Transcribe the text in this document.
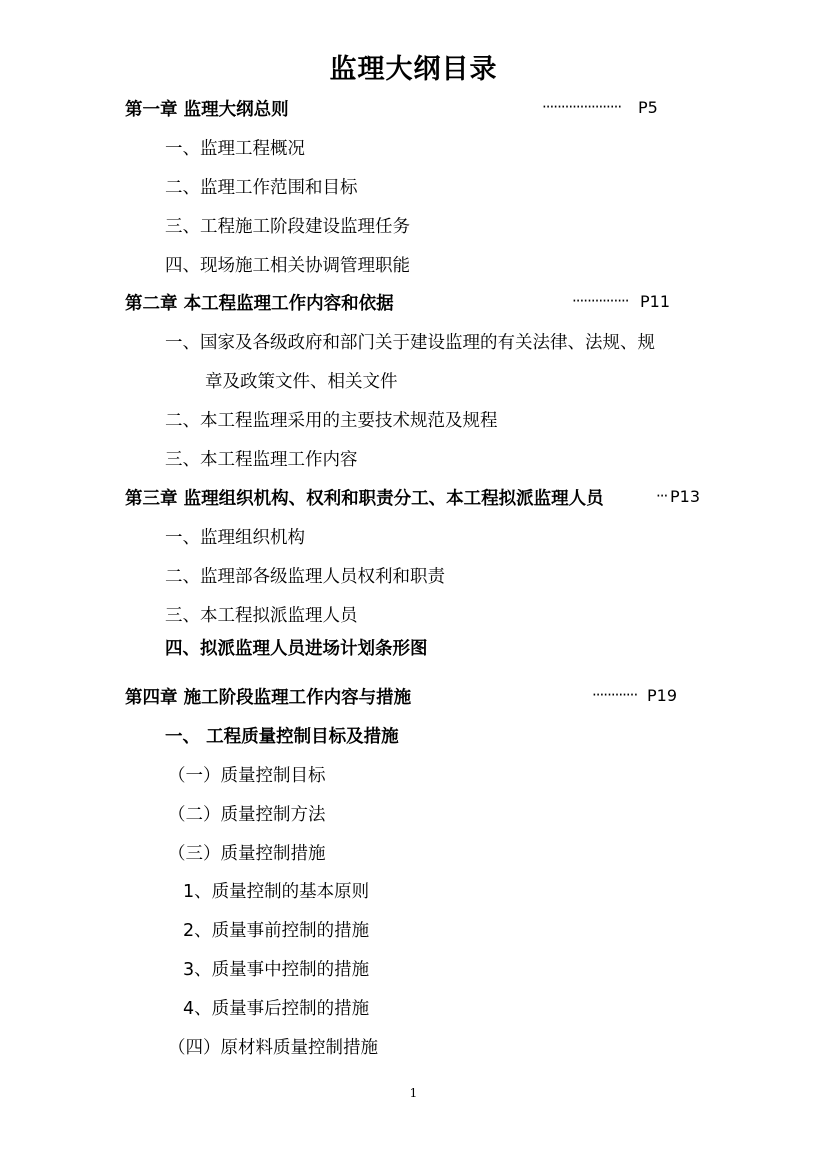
监理大纲目录
第一章 监理大纲总则	····················· P5
一、监理工程概况
二、监理工作范围和目标
三、工程施工阶段建设监理任务
四、现场施工相关协调管理职能
第二章 本工程监理工作内容和依据	··············· P11
一、国家及各级政府和部门关于建设监理的有关法律、法规、规
章及政策文件、相关文件
二、本工程监理采用的主要技术规范及规程
三、本工程监理工作内容
第三章 监理组织机构、权利和职责分工、本工程拟派监理人员	··· P13
一、监理组织机构
二、监理部各级监理人员权利和职责
三、本工程拟派监理人员
四、拟派监理人员进场计划条形图
第四章 施工阶段监理工作内容与措施	············ P19
一、 工程质量控制目标及措施
（一）质量控制目标
（二）质量控制方法
（三）质量控制措施
1、质量控制的基本原则
2、质量事前控制的措施
3、质量事中控制的措施
4、质量事后控制的措施
（四）原材料质量控制措施
1
